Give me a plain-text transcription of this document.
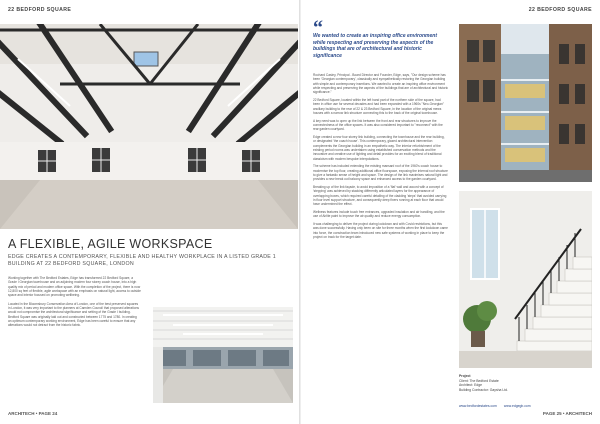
22 BEDFORD SQUARE
A FLEXIBLE, AGILE WORKSPACE
EDGE CREATES A CONTEMPORARY, FLEXIBLE AND HEALTHY WORKPLACE IN A LISTED GRADE 1 BUILDING AT 22 BEDFORD SQUARE, LONDON

Working together with The Bedford Estates, Edge has transformed 22 Bedford Square, a Grade I Georgian townhouse and an adjoining modern four storey coach house, into a high quality mix of period and modern office space. With the completion of the project, there is now 12,800 sq feet of flexible, agile workspace with an emphasis on natural light, access to outside space and interior focused on promoting wellbeing.

Located in the Bloomsbury Conservation Area of London, one of the best preserved squares in London, it was very important to the planners at Camden Council that proposed alterations would not compromise the architectural significance and setting of the Grade I building. Bedford Square was originally laid out and constructed between 1775 and 1780. In creating an optimum contemporary working environment, Edge has been careful to ensure that any alterations would not detract from the historic fabric.

ARCHITECH • PAGE 24
22 BEDFORD SQUARE
“
We wanted to create an inspiring office environment while respecting and preserving the aspects of the buildings that are of architectural and historic significance

Rochard Casley, Principal - Board Director and Founder, Edge, says, "Our design scheme has been 'Georgian contemporary', classically and sympathetically restoring the Georgian building with simple and contemporary insertions. We wanted to create an inspiring office environment while respecting and preserving the aspects of the buildings that are of architectural and historic significance."

22 Bedford Square, located within the left hand part of the northern side of the square, had been in office use for several decades and had been expanded with a 1960s "Neo-Georgian" ancillary building to the rear of 22 & 23 Bedford Square, in the location of the original mews houses with a narrow link structure connecting this to the back of the original townhouse.

A key need was to open up the link between the front and rear structures to improve the connectedness of the office spaces. It was also considered important to "reconnect" with the rear garden courtyard.

Edge created a new four storey link building, connecting the townhouse and the rear building, or designated 'the coach house'. This contemporary, glazed architectural intervention complements the Georgian building in an empathetic way. The interior refurbishment of the existing period rooms was undertaken using established conservation methods and the innovative and creative use of lighting and detail provides for an exciting blend of traditional classicism with modern bespoke interpolations.

The scheme has included extending the existing mansard roof of the 1960's coach house to modernise the top floor, creating additional office floorspace, exposing the internal roof structure to give a fantastic sense of height and space. The design of the link maximises natural light and provides a new break out balcony space and enhanced access to the garden courtyard.

Breaking up of the link façade, to avoid imposition of a 'flat' wall and accord with a concept of 'stepping' was achieved by stacking differently articulated layers for the appearance of overlapping boxes, which required careful detailing of the cladding 'steps' that avoided carrying in floor level support structure, and consequently deep fixers running at each floor that would have undermined the effect.

Wellness features include touch free entrances, upgraded insulation and air handling, and the use of Airlite paint to improve the air quality and reduce energy consumption.

It was challenging to deliver the project during lockdown and with Covid restrictions, but this was done successfully. Having only been on site for three months when the first lockdown came into force, the construction team introduced new safe systems of working in place to keep the project on track for the target date.

Project
Client: The Bedford Estate
Architect: Edge
Building Contractor: Gaysha Ltd.
www.bedfordestates.com www.edgegb.com
PAGE 25 • ARCHITECH
